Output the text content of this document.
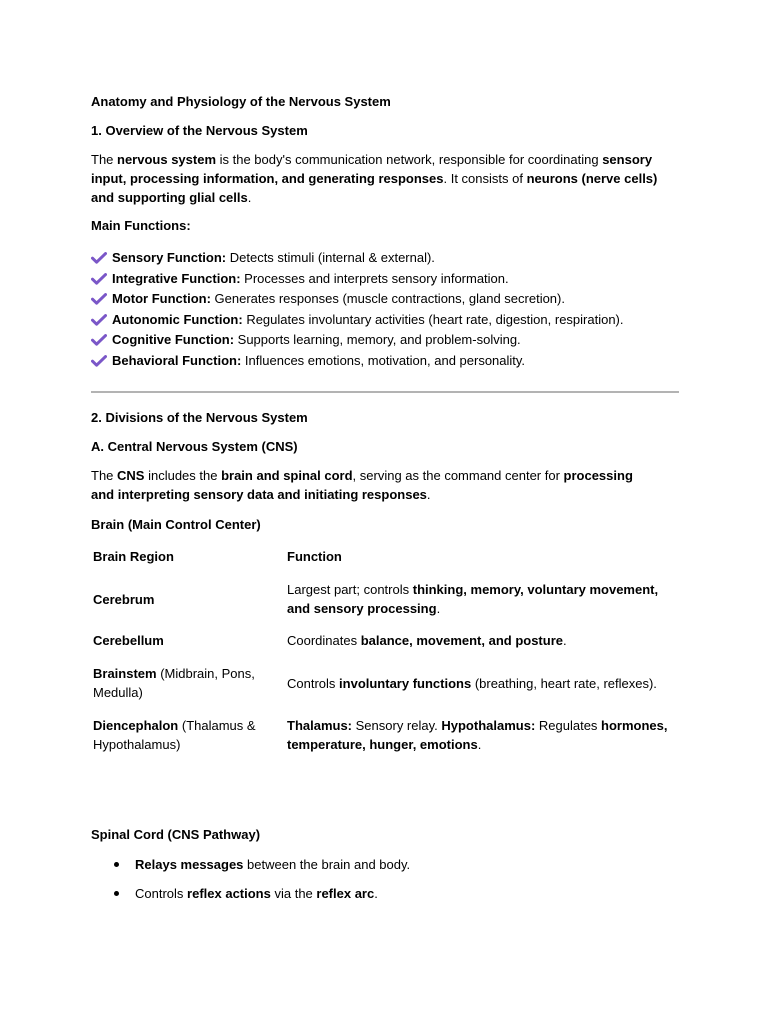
Anatomy and Physiology of the Nervous System
1. Overview of the Nervous System
The nervous system is the body's communication network, responsible for coordinating sensory input, processing information, and generating responses. It consists of neurons (nerve cells) and supporting glial cells.
Main Functions:
Sensory Function: Detects stimuli (internal & external).
Integrative Function: Processes and interprets sensory information.
Motor Function: Generates responses (muscle contractions, gland secretion).
Autonomic Function: Regulates involuntary activities (heart rate, digestion, respiration).
Cognitive Function: Supports learning, memory, and problem-solving.
Behavioral Function: Influences emotions, motivation, and personality.
2. Divisions of the Nervous System
A. Central Nervous System (CNS)
The CNS includes the brain and spinal cord, serving as the command center for processing and interpreting sensory data and initiating responses.
Brain (Main Control Center)
Brain Region	Function
Cerebrum
Largest part; controls thinking, memory, voluntary movement, and sensory processing.
Cerebellum	Coordinates balance, movement, and posture.
Brainstem (Midbrain, Pons, Medulla)
Controls involuntary functions (breathing, heart rate, reflexes).
Diencephalon (Thalamus & Hypothalamus)
Thalamus: Sensory relay. Hypothalamus: Regulates hormones, temperature, hunger, emotions.
Spinal Cord (CNS Pathway)
Relays messages between the brain and body.
Controls reflex actions via the reflex arc.
